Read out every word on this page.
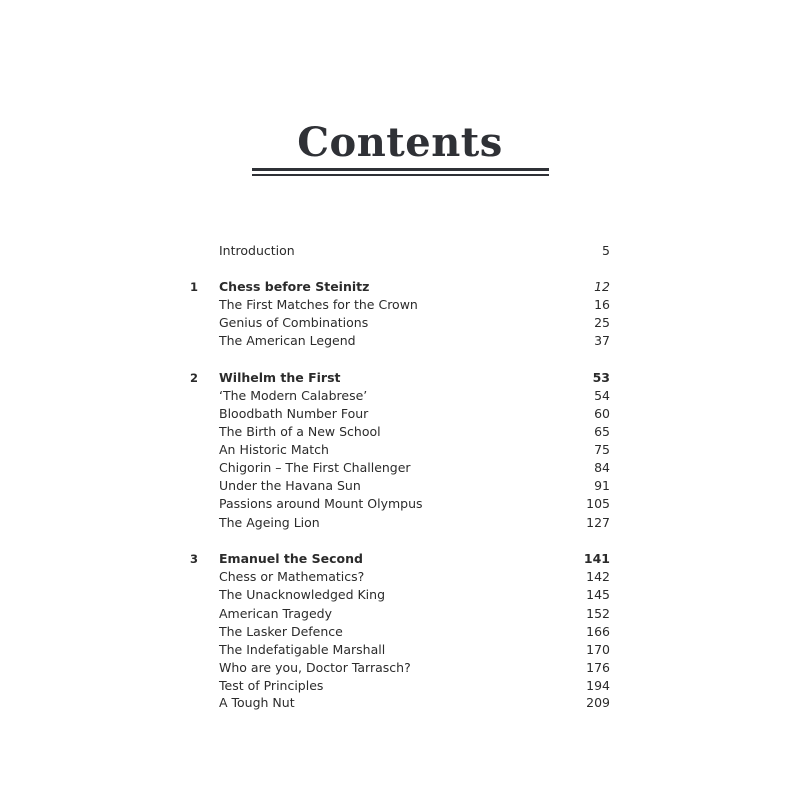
Contents
Introduction	5
1	Chess before Steinitz	12
The First Matches for the Crown	16
Genius of Combinations	25
The American Legend	37
2	Wilhelm the First	53
‘The Modern Calabrese’	54
Bloodbath Number Four	60
The Birth of a New School	65
An Historic Match	75
Chigorin – The First Challenger	84
Under the Havana Sun	91
Passions around Mount Olympus	105
The Ageing Lion	127
3	Emanuel the Second	141
Chess or Mathematics?	142
The Unacknowledged King	145
American Tragedy	152
The Lasker Defence	166
The Indefatigable Marshall	170
Who are you, Doctor Tarrasch?	176
Test of Principles	194
A Tough Nut	209
